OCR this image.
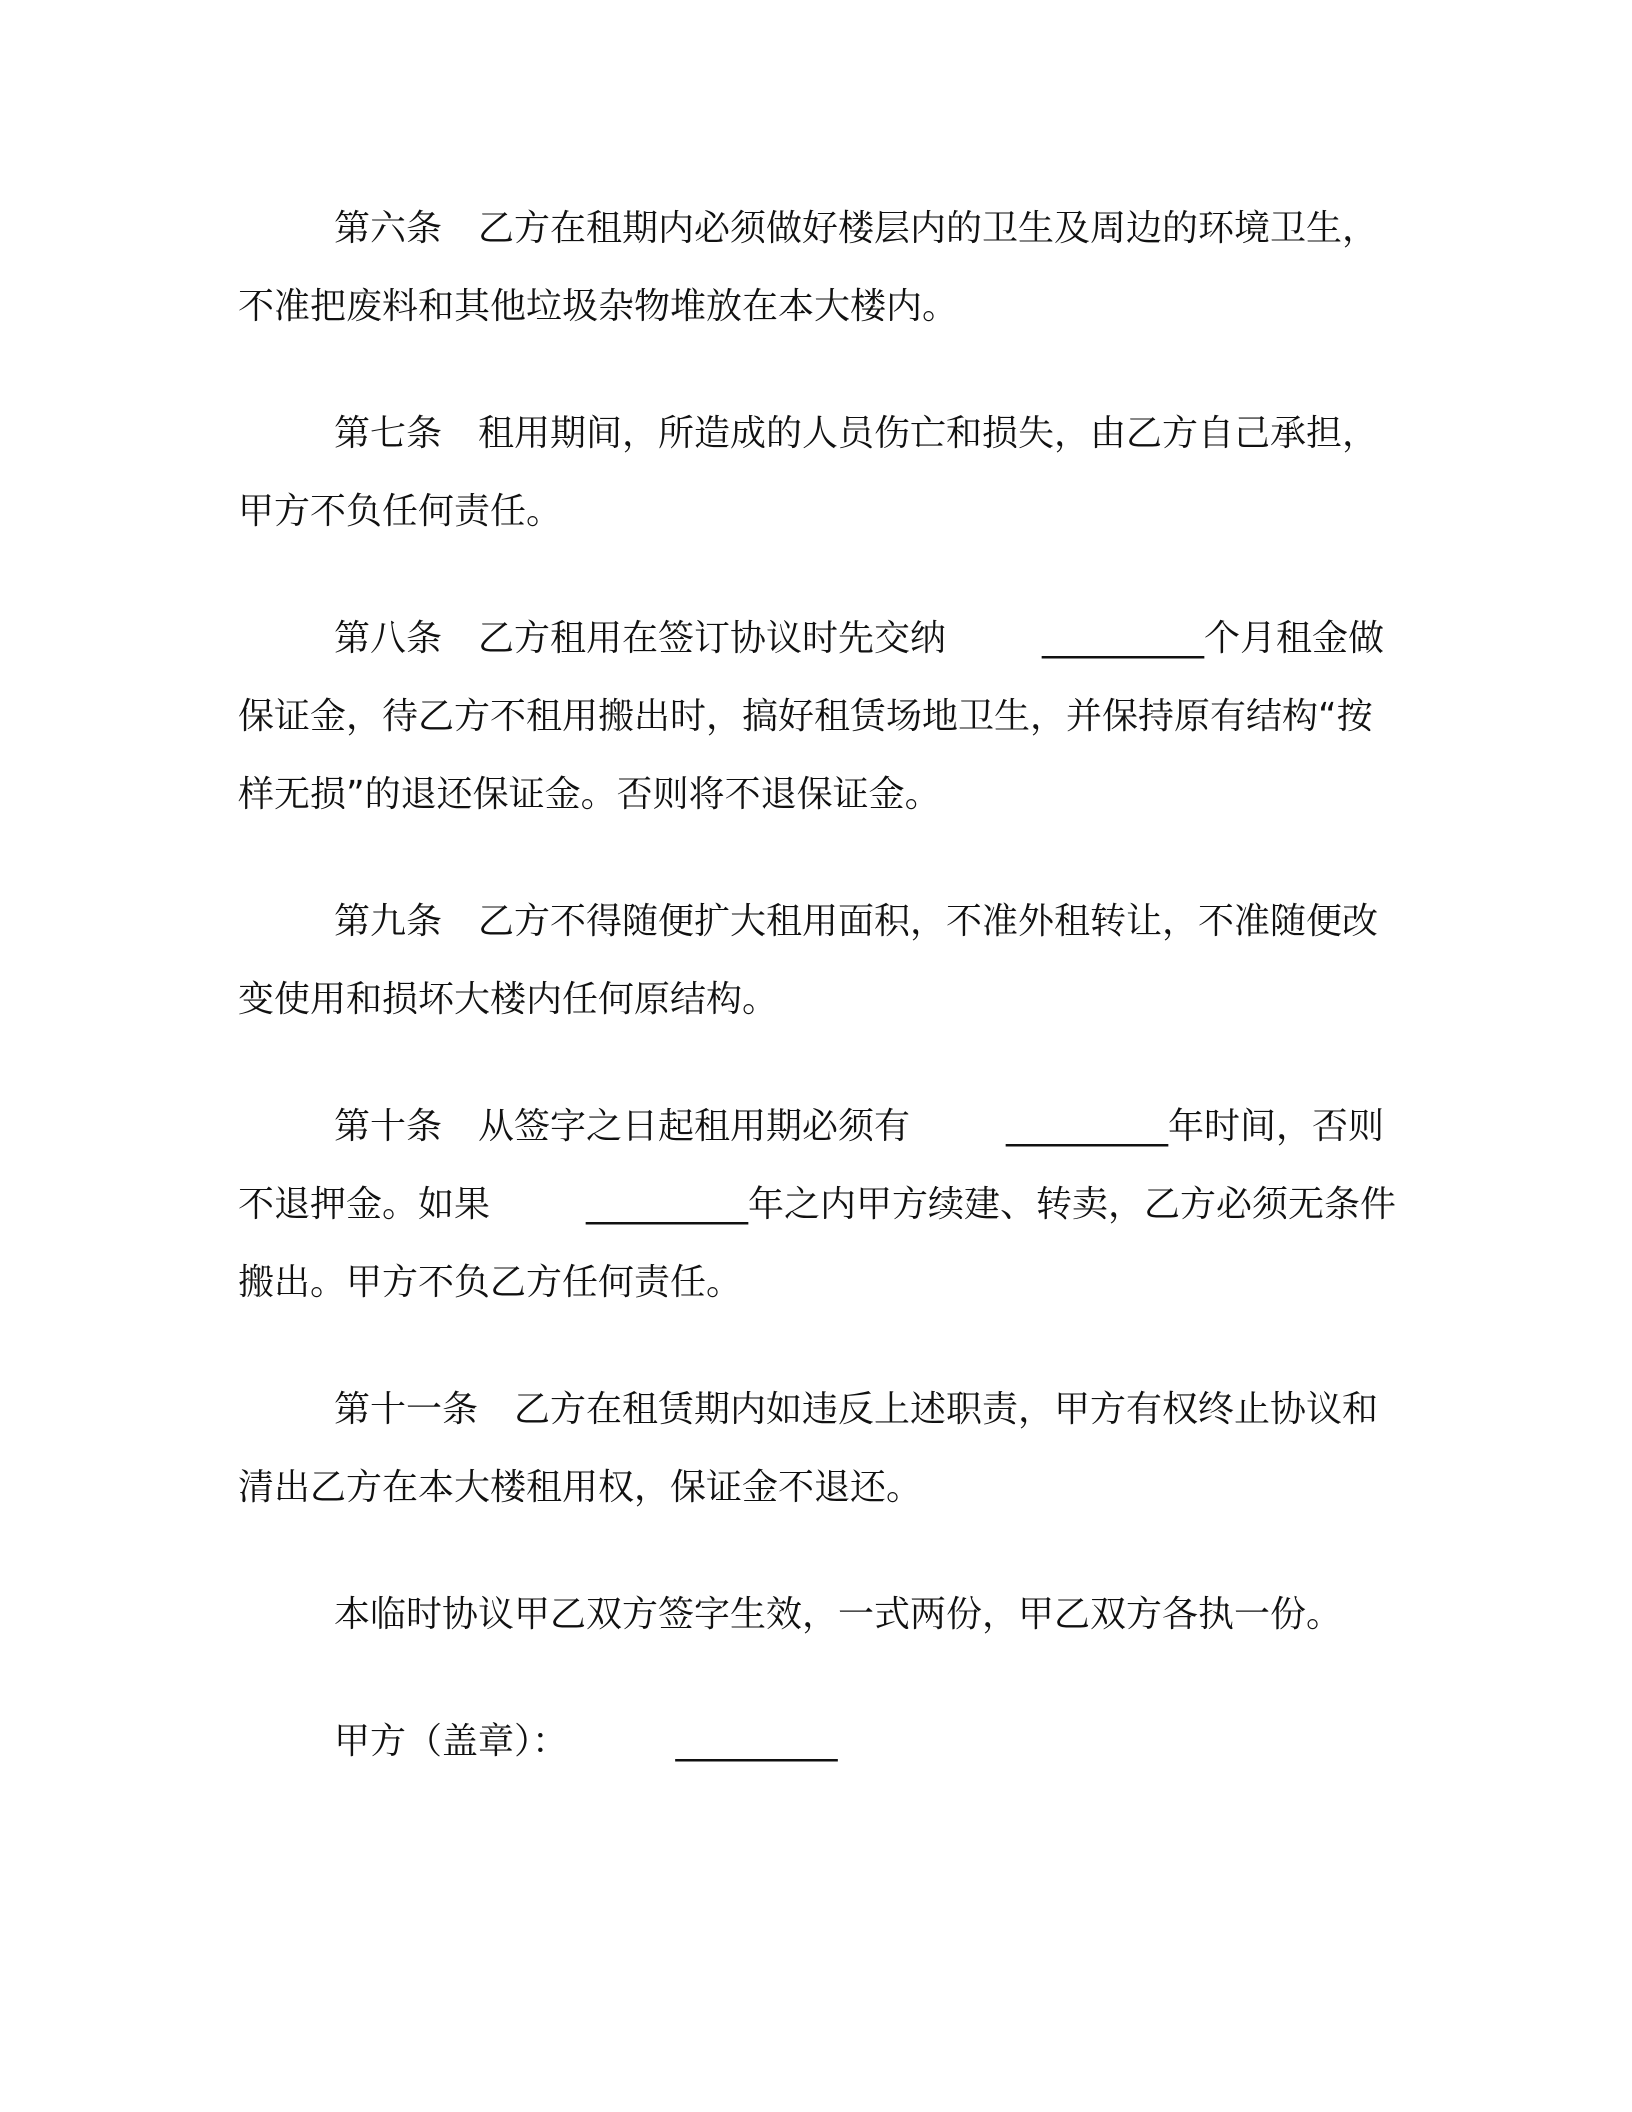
第六条 乙方在租期内必须做好楼层内的卫生及周边的环境卫生，不准把废料和其他垃圾杂物堆放在本大楼内。

第七条 租用期间，所造成的人员伤亡和损失，由乙方自己承担，甲方不负任何责任。

第八条 乙方租用在签订协议时先交纳	_________个月租金做保证金，待乙方不租用搬出时，搞好租赁场地卫生，并保持原有结构“按样无损”的退还保证金。否则将不退保证金。

第九条 乙方不得随便扩大租用面积，不准外租转让，不准随便改变使用和损坏大楼内任何原结构。

第十条 从签字之日起租用期必须有	_________年时间，否则不退押金。如果	_________年之内甲方续建、转卖，乙方必须无条件搬出。甲方不负乙方任何责任。

第十一条 乙方在租赁期内如违反上述职责，甲方有权终止协议和清出乙方在本大楼租用权，保证金不退还。

本临时协议甲乙双方签字生效，一式两份，甲乙双方各执一份。

甲方（盖章）：	_________
